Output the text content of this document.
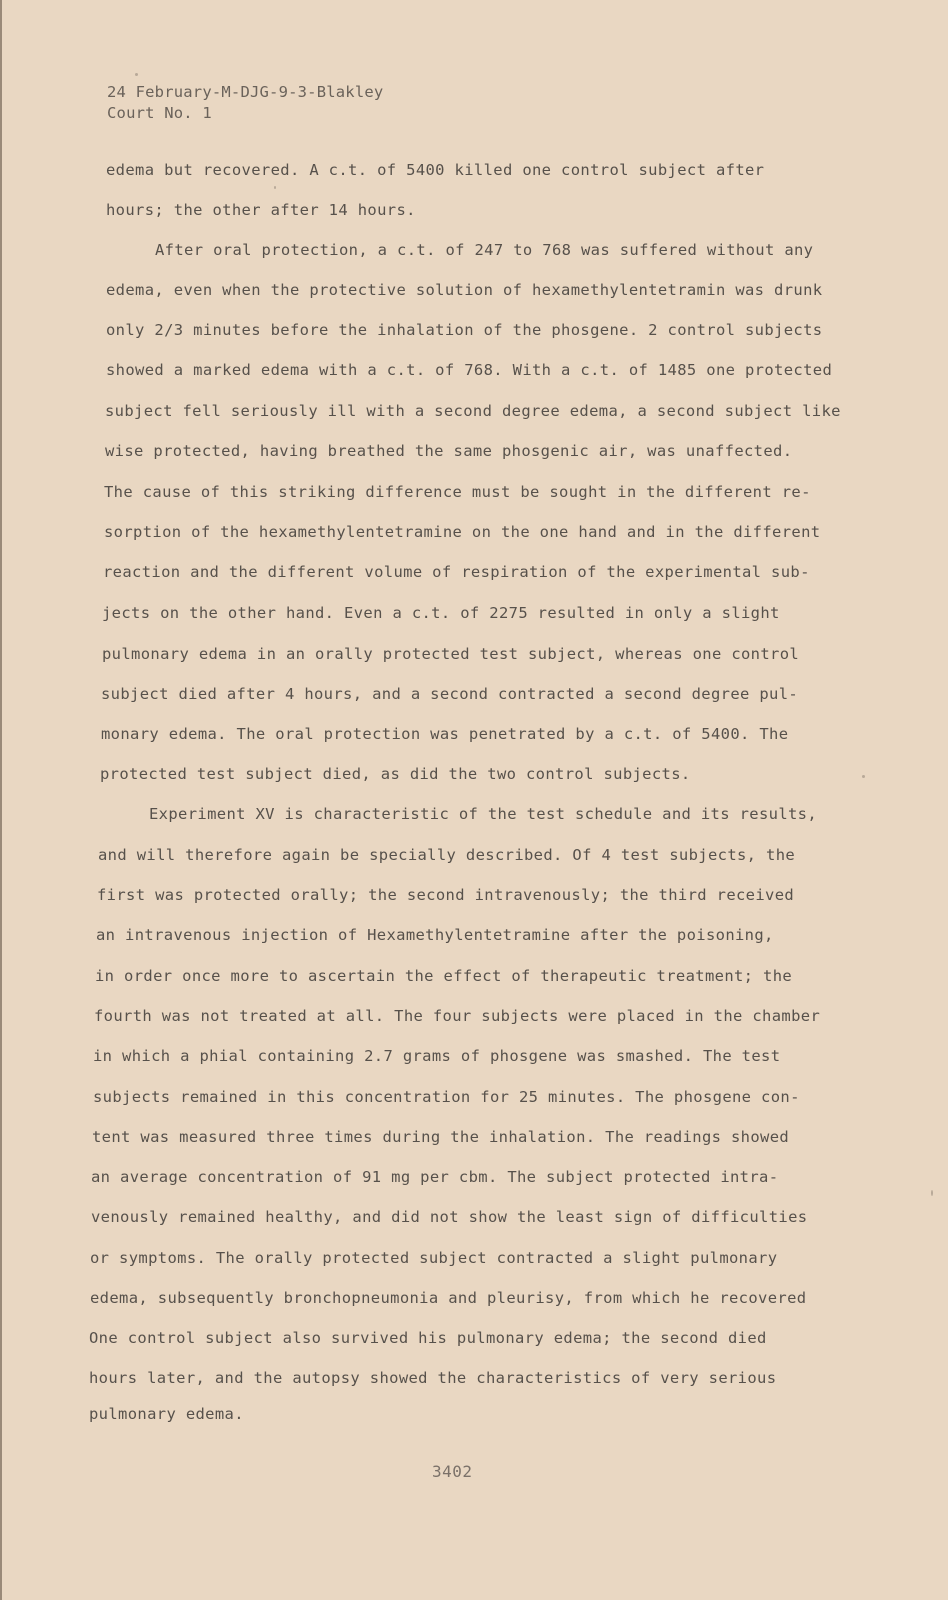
24 February-M-DJG-9-3-Blakley
Court No. 1
edema but recovered. A c.t. of 5400 killed one control subject after
hours; the other after 14 hours.
After oral protection, a c.t. of 247 to 768 was suffered without any
edema, even when the protective solution of hexamethylentetramin was drunk
only 2/3 minutes before the inhalation of the phosgene. 2 control subjects
showed a marked edema with a c.t. of 768. With a c.t. of 1485 one protected
subject fell seriously ill with a second degree edema, a second subject like
wise protected, having breathed the same phosgenic air, was unaffected.
The cause of this striking difference must be sought in the different re-
sorption of the hexamethylentetramine on the one hand and in the different
reaction and the different volume of respiration of the experimental sub-
jects on the other hand. Even a c.t. of 2275 resulted in only a slight
pulmonary edema in an orally protected test subject, whereas one control
subject died after 4 hours, and a second contracted a second degree pul-
monary edema. The oral protection was penetrated by a c.t. of 5400. The
protected test subject died, as did the two control subjects.
Experiment XV is characteristic of the test schedule and its results,
and will therefore again be specially described. Of 4 test subjects, the
first was protected orally; the second intravenously; the third received
an intravenous injection of Hexamethylentetramine after the poisoning,
in order once more to ascertain the effect of therapeutic treatment; the
fourth was not treated at all. The four subjects were placed in the chamber
in which a phial containing 2.7 grams of phosgene was smashed. The test
subjects remained in this concentration for 25 minutes. The phosgene con-
tent was measured three times during the inhalation. The readings showed
an average concentration of 91 mg per cbm. The subject protected intra-
venously remained healthy, and did not show the least sign of difficulties
or symptoms. The orally protected subject contracted a slight pulmonary
edema, subsequently bronchopneumonia and pleurisy, from which he recovered
One control subject also survived his pulmonary edema; the second died
hours later, and the autopsy showed the characteristics of very serious
pulmonary edema.
3402
